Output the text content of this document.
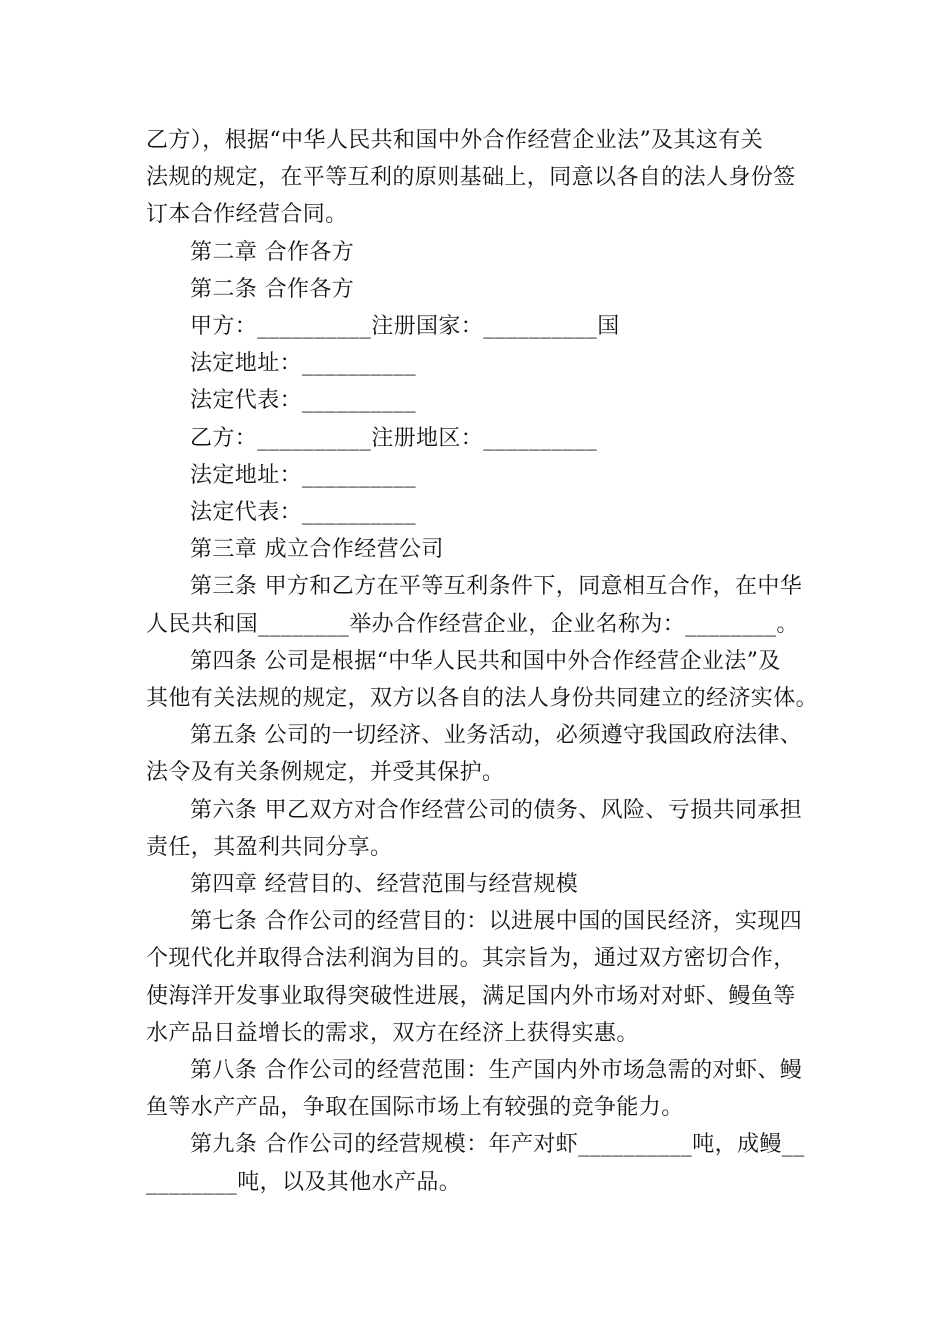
乙方），根据“中华人民共和国中外合作经营企业法”及其这有关

法规的规定，在平等互利的原则基础上，同意以各自的法人身份签

订本合作经营合同。

第二章 合作各方

第二条 合作各方

甲方：__________注册国家：__________国

法定地址：__________

法定代表：__________

乙方：__________注册地区：__________

法定地址：__________

法定代表：__________

第三章 成立合作经营公司

第三条 甲方和乙方在平等互利条件下，同意相互合作，在中华

人民共和国________举办合作经营企业，企业名称为：________。

第四条 公司是根据“中华人民共和国中外合作经营企业法”及

其他有关法规的规定，双方以各自的法人身份共同建立的经济实体。

第五条 公司的一切经济、业务活动，必须遵守我国政府法律、

法令及有关条例规定，并受其保护。

第六条 甲乙双方对合作经营公司的债务、风险、亏损共同承担

责任，其盈利共同分享。

第四章 经营目的、经营范围与经营规模

第七条 合作公司的经营目的：以进展中国的国民经济，实现四

个现代化并取得合法利润为目的。其宗旨为，通过双方密切合作，

使海洋开发事业取得突破性进展，满足国内外市场对对虾、鳗鱼等

水产品日益增长的需求，双方在经济上获得实惠。

第八条 合作公司的经营范围：生产国内外市场急需的对虾、鳗

鱼等水产产品，争取在国际市场上有较强的竞争能力。

第九条 合作公司的经营规模：年产对虾__________吨，成鳗__

________吨，以及其他水产品。
